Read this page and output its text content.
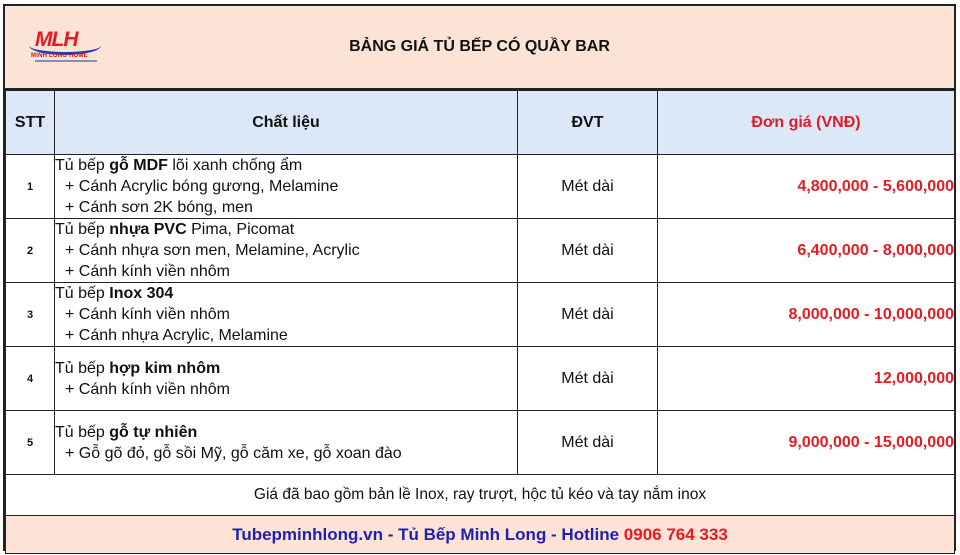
MLH
MINH LONG HOME
BẢNG GIÁ TỦ BẾP CÓ QUẦY BAR
STT	Chất liệu	ĐVT	Đơn giá (VNĐ)
1	Tủ bếp gỗ MDF lõi xanh chống ẩm
+ Cánh Acrylic bóng gương, Melamine
+ Cánh sơn 2K bóng, men	Mét dài	4,800,000 - 5,600,000
2	Tủ bếp nhựa PVC Pima, Picomat
+ Cánh nhựa sơn men, Melamine, Acrylic
+ Cánh kính viền nhôm	Mét dài	6,400,000 - 8,000,000
3	Tủ bếp Inox 304
+ Cánh kính viền nhôm
+ Cánh nhựa Acrylic, Melamine	Mét dài	8,000,000 - 10,000,000
4	Tủ bếp hợp kim nhôm
+ Cánh kính viền nhôm	Mét dài	12,000,000
5	Tủ bếp gỗ tự nhiên
+ Gỗ gõ đỏ, gỗ sồi Mỹ, gỗ căm xe, gỗ xoan đào	Mét dài	9,000,000 - 15,000,000
Giá đã bao gồm bản lề Inox, ray trượt, hộc tủ kéo và tay nắm inox			
Tubepminhlong.vn - Tủ Bếp Minh Long - Hotline 0906 764 333			
